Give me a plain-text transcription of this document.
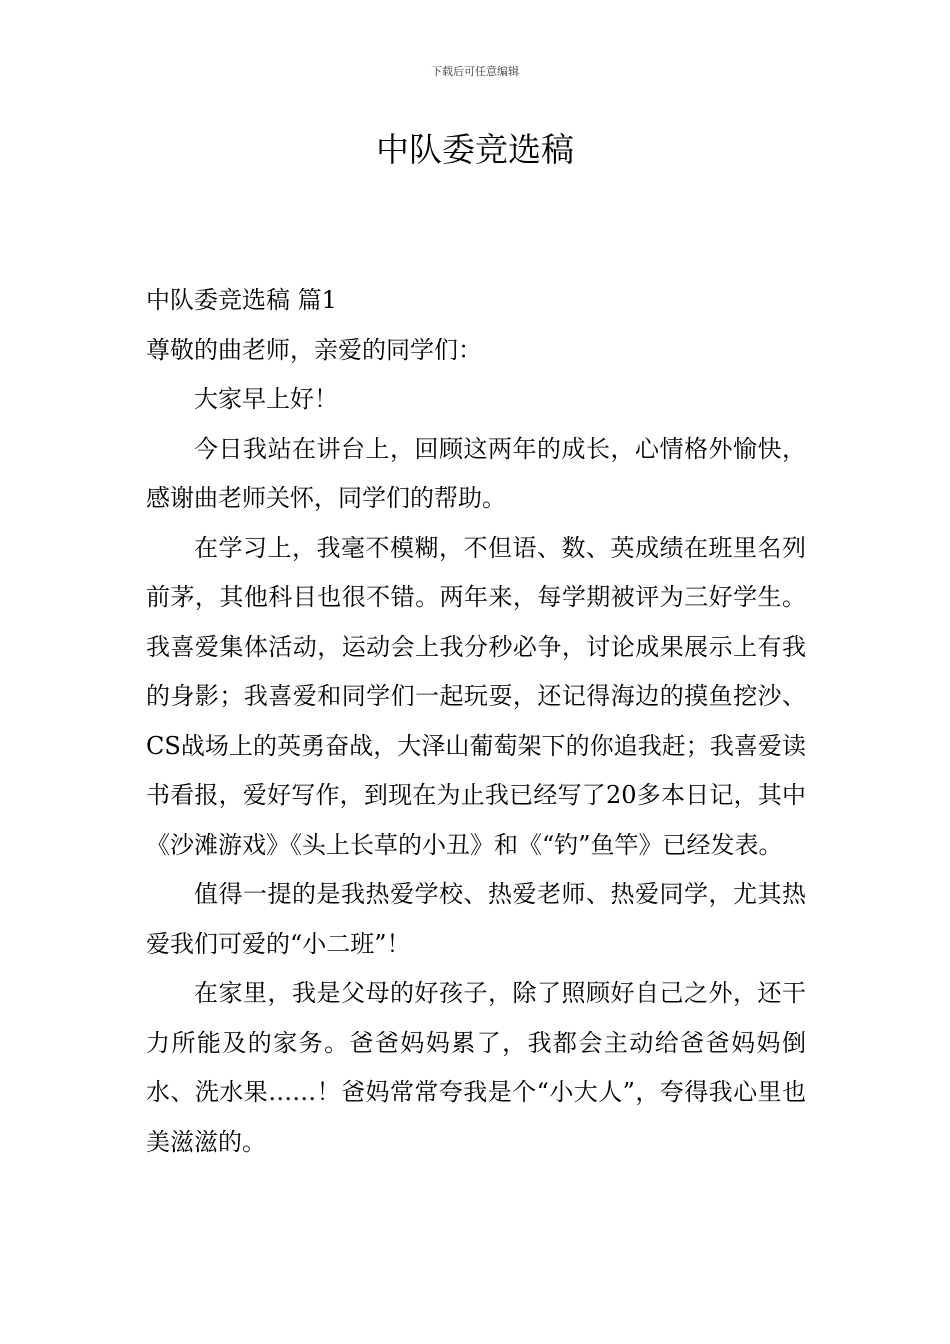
下载后可任意编辑
中队委竞选稿

中队委竞选稿 篇1

尊敬的曲老师，亲爱的同学们：

大家早上好！

今日我站在讲台上，回顾这两年的成长，心情格外愉快，感谢曲老师关怀，同学们的帮助。

在学习上，我毫不模糊，不但语、数、英成绩在班里名列前茅，其他科目也很不错。两年来，每学期被评为三好学生。我喜爱集体活动，运动会上我分秒必争，讨论成果展示上有我的身影；我喜爱和同学们一起玩耍，还记得海边的摸鱼挖沙、CS战场上的英勇奋战，大泽山葡萄架下的你追我赶；我喜爱读书看报，爱好写作，到现在为止我已经写了20多本日记，其中《沙滩游戏》《头上长草的小丑》和《“钓”鱼竿》已经发表。

值得一提的是我热爱学校、热爱老师、热爱同学，尤其热爱我们可爱的“小二班”！

在家里，我是父母的好孩子，除了照顾好自己之外，还干力所能及的家务。爸爸妈妈累了，我都会主动给爸爸妈妈倒水、洗水果……！爸妈常常夸我是个“小大人”，夸得我心里也美滋滋的。
